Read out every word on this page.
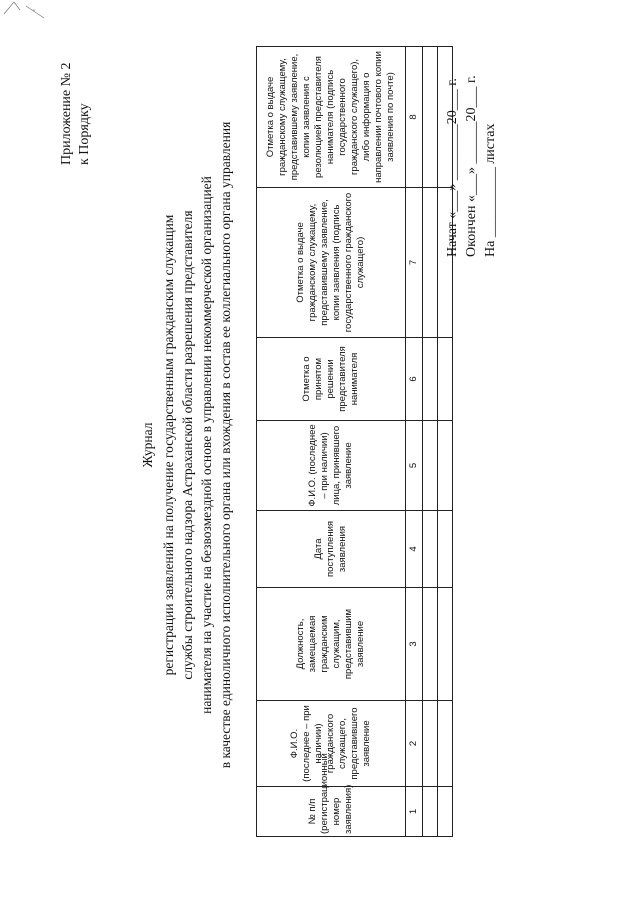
Приложение № 2 к Порядку
Журнал регистрации заявлений на получение государственным гражданским служащим службы строительного надзора Астраханской области разрешения представителя нанимателя на участие на безвозмездной основе в управлении некоммерческой организацией в качестве единоличного исполнительного органа или вхождения в состав ее коллегиального органа управления
№ п/п (регистрационный номер заявления)	Ф.И.О. (последнее – при наличии) гражданского служащего, представившего заявление	Должность, замещаемая гражданским служащим, представившим заявление	Дата поступления заявления	Ф.И.О. (последнее – при наличии) лица, принявшего заявление	Отметка о принятом решении представителя нанимателя	Отметка о выдаче гражданскому служащему, представившему заявление, копии заявления (подпись государственного гражданского служащего)	Отметка о выдаче гражданскому служащему, представившему заявление, копии заявления с резолюцией представителя нанимателя (подпись государственного гражданского служащего), либо информация о направлении почтового копии заявления по почте)
1	2	3	4	5	6	7	8

							Начат «___» ________20___ г. Окончен «___» ______20___ г. На __________ листах
